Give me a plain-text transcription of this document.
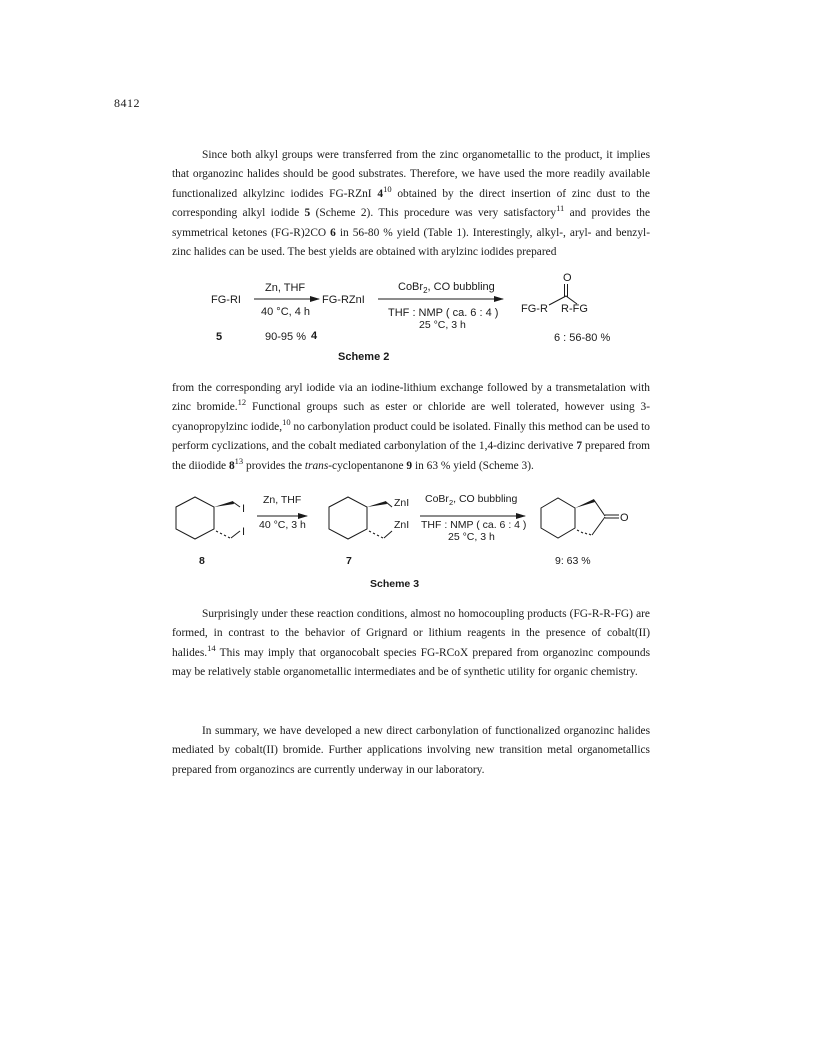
8412

Since both alkyl groups were transferred from the zinc organometallic to the product, it implies that organozinc halides should be good substrates. Therefore, we have used the more readily available functionalized alkylzinc iodides FG-RZnI $4^{10}$ obtained by the direct insertion of zinc dust to the corresponding alkyl iodide 5 (Scheme 2). This procedure was very satisfactory$^{11}$ and provides the symmetrical ketones (FG-R)2CO 6 in 56-80 % yield (Table 1). Interestingly, alkyl-, aryl- and benzyl-zinc halides can be used. The best yields are obtained with arylzinc iodides prepared

FG-RI
Zn, THF
40 °C, 4 h
FG-RZnI
CoBr$_2$, CO bubbling
THF : NMP ( ca. 6 : 4 )
25 °C, 3 h
FG-R R-FG
O
5	90-95 % 4	6 : 56-80 %
Scheme 2

from the corresponding aryl iodide via an iodine-lithium exchange followed by a transmetalation with zinc bromide.$^{12}$ Functional groups such as ester or chloride are well tolerated, however using 3-cyanopropylzinc iodide,$^{10}$ no carbonylation product could be isolated. Finally this method can be used to perform cyclizations, and the cobalt mediated carbonylation of the 1,4-dizinc derivative 7 prepared from the diiodide $8^{13}$ provides the trans-cyclopentanone 9 in 63 % yield (Scheme 3).

I
I
Zn, THF
40 °C, 3 h
ZnI
ZnI
CoBr$_2$, CO bubbling
THF : NMP ( ca. 6 : 4 )
25 °C, 3 h
O
8	7	9: 63 %
Scheme 3

Surprisingly under these reaction conditions, almost no homocoupling products (FG-R-R-FG) are formed, in contrast to the behavior of Grignard or lithium reagents in the presence of cobalt(II) halides.$^{14}$ This may imply that organocobalt species FG-RCoX prepared from organozinc compounds may be relatively stable organometallic intermediates and be of synthetic utility for organic chemistry.

In summary, we have developed a new direct carbonylation of functionalized organozinc halides mediated by cobalt(II) bromide. Further applications involving new transition metal organometallics prepared from organozincs are currently underway in our laboratory.
